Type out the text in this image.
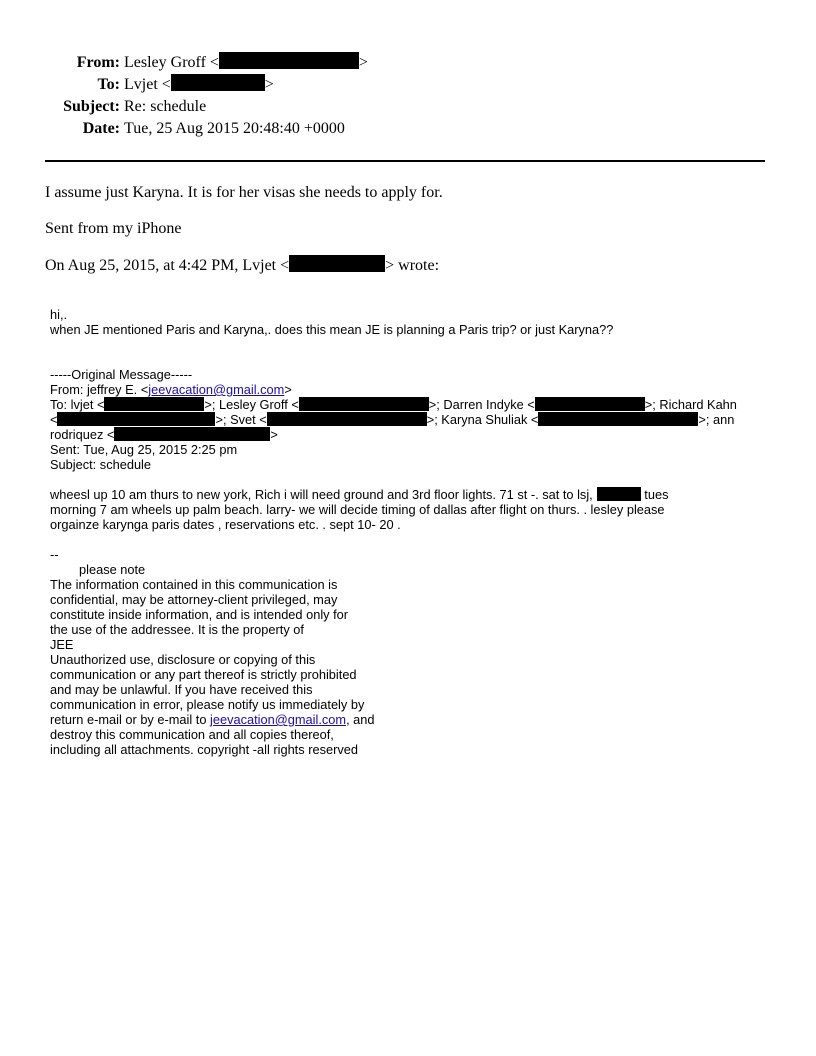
From: Lesley Groff <	>
To: Lvjet <	>
Subject: Re: schedule
Date: Tue, 25 Aug 2015 20:48:40 +0000
I assume just Karyna. It is for her visas she needs to apply for.
Sent from my iPhone
On Aug 25, 2015, at 4:42 PM, Lvjet <	> wrote:
hi,.
when JE mentioned Paris and Karyna,. does this mean JE is planning a Paris trip? or just Karyna??
-----Original Message-----
From: jeffrey E. <jeevacation@gmail.com>
To: lvjet <	>; Lesley Groff <	>; Darren Indyke <	>; Richard Kahn
<	>; Svet <	>; Karyna Shuliak <	>; ann
rodriquez <	>
Sent: Tue, Aug 25, 2015 2:25 pm
Subject: schedule
wheesl up 10 am thurs to new york, Rich i will need ground and 3rd floor lights. 71 st -. sat to lsj,	tues
morning 7 am wheels up palm beach. larry- we will decide timing of dallas after flight on thurs. . lesley please
orgainze karynga paris dates , reservations etc. . sept 10- 20 .
--
please note
The information contained in this communication is
confidential, may be attorney-client privileged, may
constitute inside information, and is intended only for
the use of the addressee. It is the property of
JEE
Unauthorized use, disclosure or copying of this
communication or any part thereof is strictly prohibited
and may be unlawful. If you have received this
communication in error, please notify us immediately by
return e-mail or by e-mail to jeevacation@gmail.com, and
destroy this communication and all copies thereof,
including all attachments. copyright -all rights reserved
